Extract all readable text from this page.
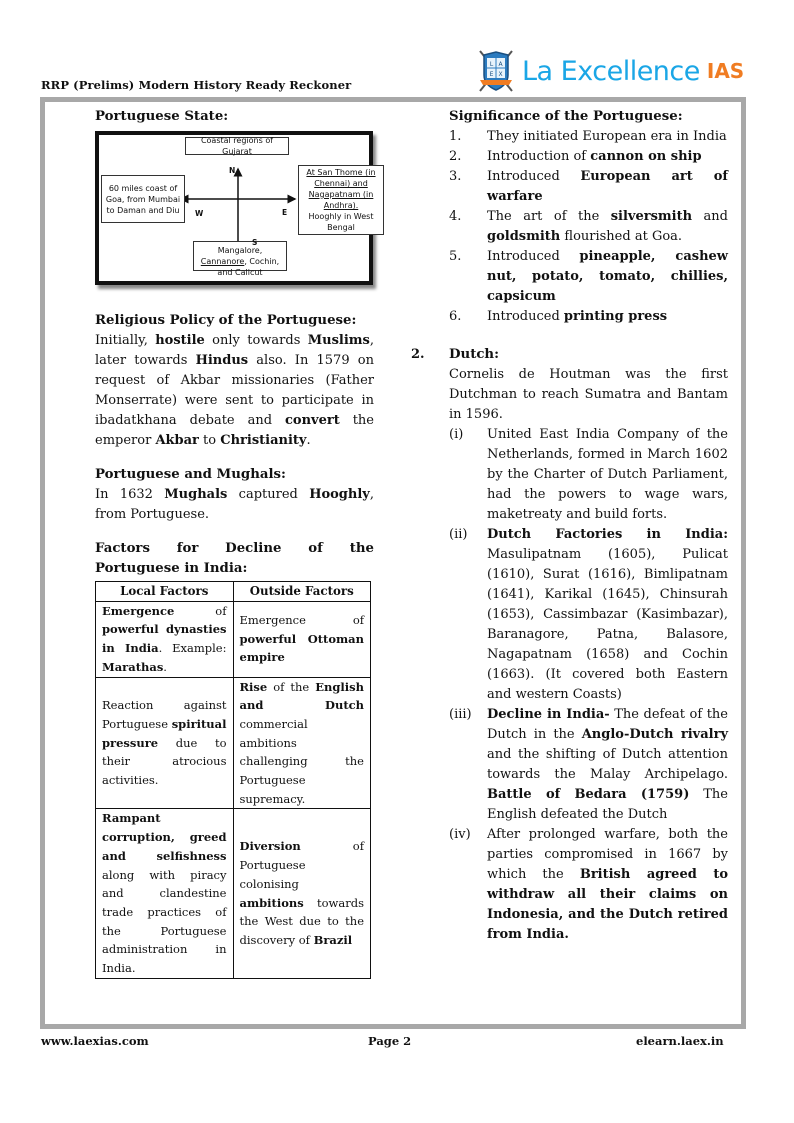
RRP (Prelims) Modern History Ready Reckoner
L A
E X La Excellence IAS
Portuguese State:
Coastal regions of Gujarat
60 miles coast of Goa, from Mumbai to Daman and Diu
At San Thome (in Chennai) and
Nagapatnam (in Andhra).
Hooghly in West Bengal
Mangalore, Cannanore, Cochin, and Calicut
N
S
E
W
Religious Policy of the Portuguese:
Initially, hostile only towards Muslims, later towards Hindus also. In 1579 on request of Akbar missionaries (Father Monserrate) were sent to participate in ibadatkhana debate and convert the emperor Akbar to Christianity.
Portuguese and Mughals:
In 1632 Mughals captured Hooghly, from Portuguese.
Factors for Decline of the Portuguese in India:
Local Factors	Outside Factors
Emergence of powerful dynasties in India. Example: Marathas.	Emergence of powerful Ottoman empire
Reaction against Portuguese spiritual pressure due to their atrocious activities.	Rise of the English and Dutch commercial ambitions challenging the Portuguese supremacy.
Rampant corruption, greed and selfishness along with piracy and clandestine trade practices of the Portuguese administration in India.	Diversion of Portuguese colonising ambitions towards the West due to the discovery of Brazil
Significance of the Portuguese:
1.	They initiated European era in India
2.	Introduction of cannon on ship
3.	Introduced European art of warfare
4.	The art of the silversmith and goldsmith flourished at Goa.
5.	Introduced pineapple, cashew nut, potato, tomato, chillies, capsicum
6.	Introduced printing press
2. Dutch:
Cornelis de Houtman was the first Dutchman to reach Sumatra and Bantam in 1596.
(i)	United East India Company of the Netherlands, formed in March 1602 by the Charter of Dutch Parliament, had the powers to wage wars, maketreaty and build forts.
(ii)	Dutch Factories in India: Masulipatnam (1605), Pulicat (1610), Surat (1616), Bimlipatnam (1641), Karikal (1645), Chinsurah (1653), Cassimbazar (Kasimbazar), Baranagore, Patna, Balasore, Nagapatnam (1658) and Cochin (1663). (It covered both Eastern and western Coasts)
(iii)	Decline in India- The defeat of the Dutch in the Anglo-Dutch rivalry and the shifting of Dutch attention towards the Malay Archipelago. Battle of Bedara (1759) The English defeated the Dutch
(iv)	After prolonged warfare, both the parties compromised in 1667 by which the British agreed to withdraw all their claims on Indonesia, and the Dutch retired from India.
www.laexias.com	Page 2	elearn.laex.in
